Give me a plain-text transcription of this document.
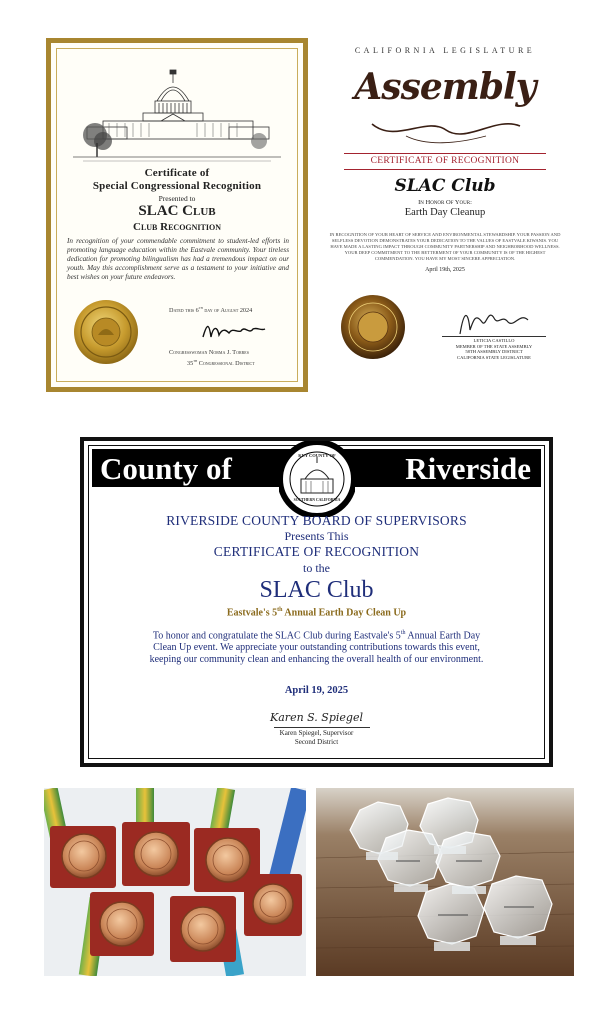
Certificate of
Special Congressional Recognition
Presented to
SLAC Club
Club Recognition
In recognition of your commendable commitment to student-led efforts in promoting language education within the Eastvale community. Your tireless dedication for promoting bilingualism has had a tremendous impact on our youth. May this accomplishment serve as a testament to your initiative and best wishes on your future endeavors.
Dated this 6th day of August 2024
Congresswoman Norma J. Torres
35th Congressional District
CALIFORNIA LEGISLATURE
Assembly
CERTIFICATE OF RECOGNITION
SLAC Club
In Honor Of Your:
Earth Day Cleanup
IN RECOGNITION OF YOUR HEART OF SERVICE AND ENVIRONMENTAL STEWARDSHIP. YOUR PASSION AND SELFLESS DEVOTION DEMONSTRATES YOUR DEDICATION TO THE VALUES OF EASTVALE KIWANIS. YOU HAVE MADE A LASTING IMPACT THROUGH COMMUNITY PARTNERSHIP AND NEIGHBORHOOD WELLNESS. YOUR DEEP COMMITMENT TO THE BETTERMENT OF YOUR COMMUNITY IS OF THE HIGHEST COMMENDATION. YOU HAVE MY MOST SINCERE APPRECIATION.
April 19th, 2025
LETICIA CASTILLO
MEMBER OF THE STATE ASSEMBLY
58TH ASSEMBLY DISTRICT
CALIFORNIA STATE LEGISLATURE
County of	Riverside
KEY COUNTY OF
SOUTHERN CALIFORNIA
RIVERSIDE COUNTY BOARD OF SUPERVISORS
Presents This
CERTIFICATE OF RECOGNITION
to the
SLAC Club
Eastvale's 5th Annual Earth Day Clean Up
To honor and congratulate the SLAC Club during Eastvale's 5th Annual Earth Day Clean Up event. We appreciate your outstanding contributions towards this event, keeping our community clean and enhancing the overall health of our environment.
April 19, 2025
Karen S. Spiegel
Karen Spiegel, Supervisor
Second District
